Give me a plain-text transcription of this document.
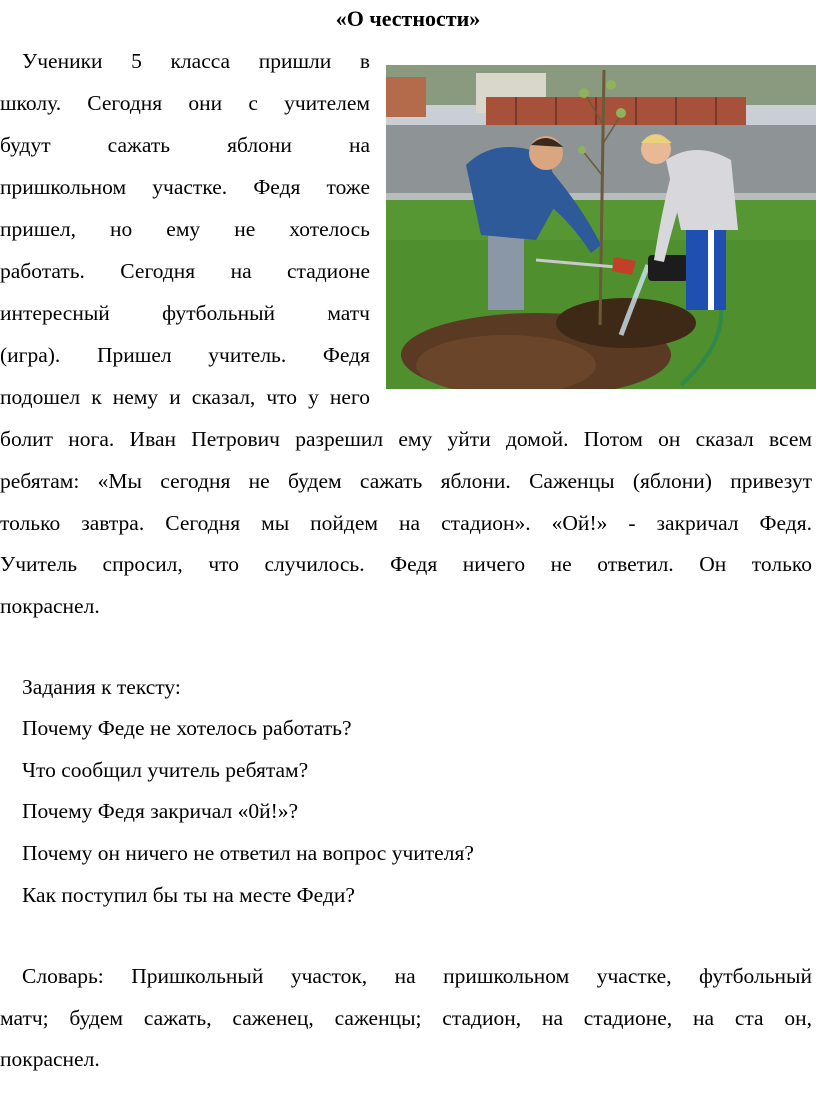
«О честности»
Ученики 5 класса пришли в
школу. Сегодня они с учителем
будут сажать яблони на
пришкольном участке. Федя тоже
пришел, но ему не хотелось
работать. Сегодня на стадионе
интересный футбольный матч
(игра). Пришел учитель. Федя
подошел к нему и сказал, что у него
болит нога. Иван Петрович разрешил ему уйти домой. Потом он сказал всем
ребятам: «Мы сегодня не будем сажать яблони. Саженцы (яблони) привезут
только завтра. Сегодня мы пойдем на стадион». «Ой!» - закричал Федя.
Учитель спросил, что случилось. Федя ничего не ответил. Он только
покраснел.
Задания к тексту:
Почему Феде не хотелось работать?
Что сообщил учитель ребятам?
Почему Федя закричал «0й!»?
Почему он ничего не ответил на вопрос учителя?
Как поступил бы ты на месте Феди?
Словарь: Пришкольный участок, на пришкольном участке, футбольный
матч; будем сажать, саженец, саженцы; стадион, на стадионе, на ста он,
покраснел.
